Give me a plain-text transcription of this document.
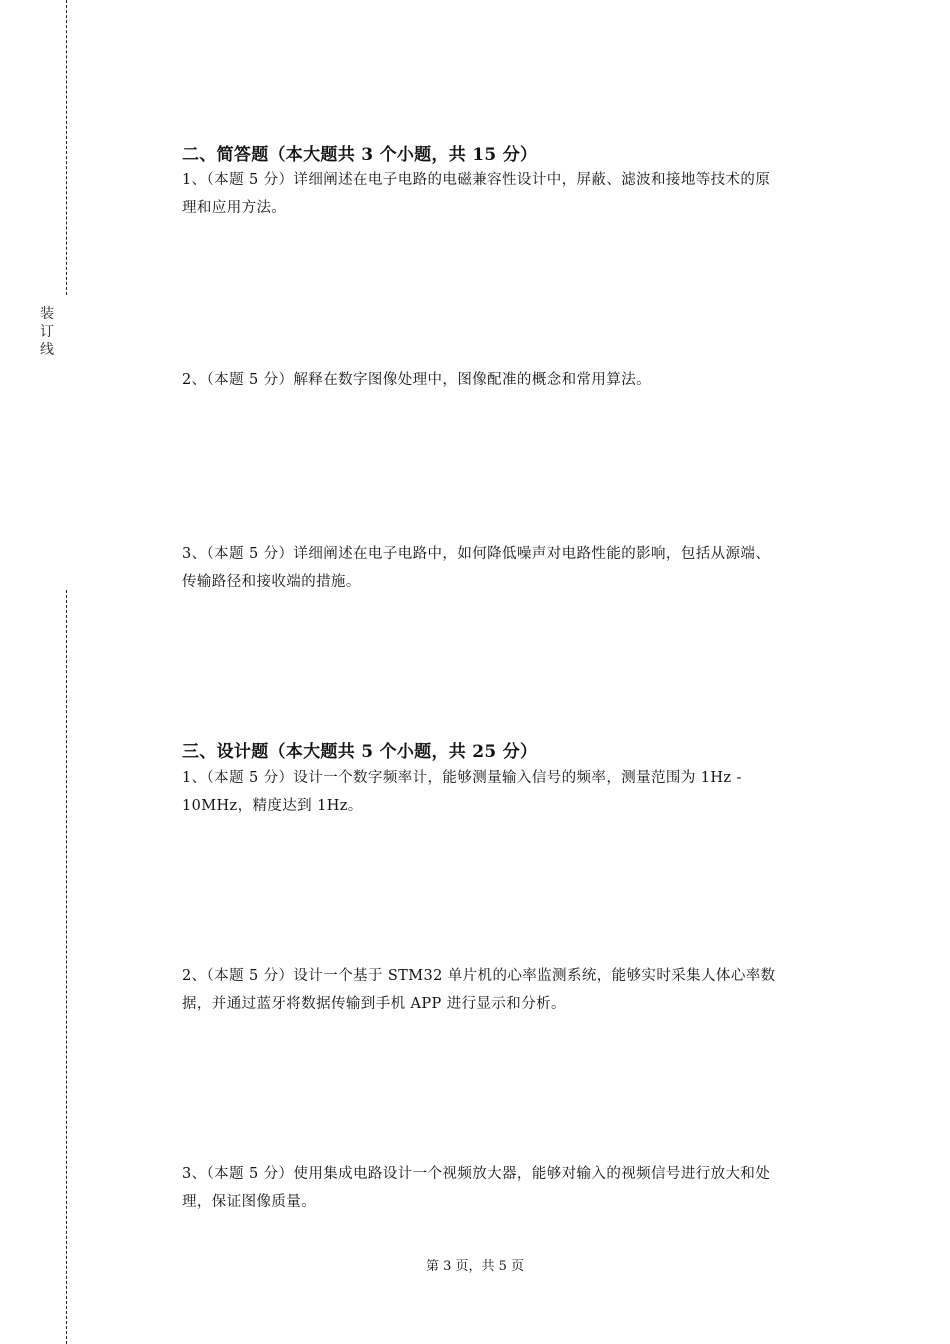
装
订
线
二、简答题（本大题共 3 个小题，共 15 分）

1、（本题 5 分）详细阐述在电子电路的电磁兼容性设计中，屏蔽、滤波和接地等技术的原
理和应用方法。

2、（本题 5 分）解释在数字图像处理中，图像配准的概念和常用算法。

3、（本题 5 分）详细阐述在电子电路中，如何降低噪声对电路性能的影响，包括从源端、
传输路径和接收端的措施。

三、设计题（本大题共 5 个小题，共 25 分）

1、（本题 5 分）设计一个数字频率计，能够测量输入信号的频率，测量范围为 1Hz -
10MHz，精度达到 1Hz。

2、（本题 5 分）设计一个基于 STM32 单片机的心率监测系统，能够实时采集人体心率数
据，并通过蓝牙将数据传输到手机 APP 进行显示和分析。

3、（本题 5 分）使用集成电路设计一个视频放大器，能够对输入的视频信号进行放大和处
理，保证图像质量。

第 3 页，共 5 页
